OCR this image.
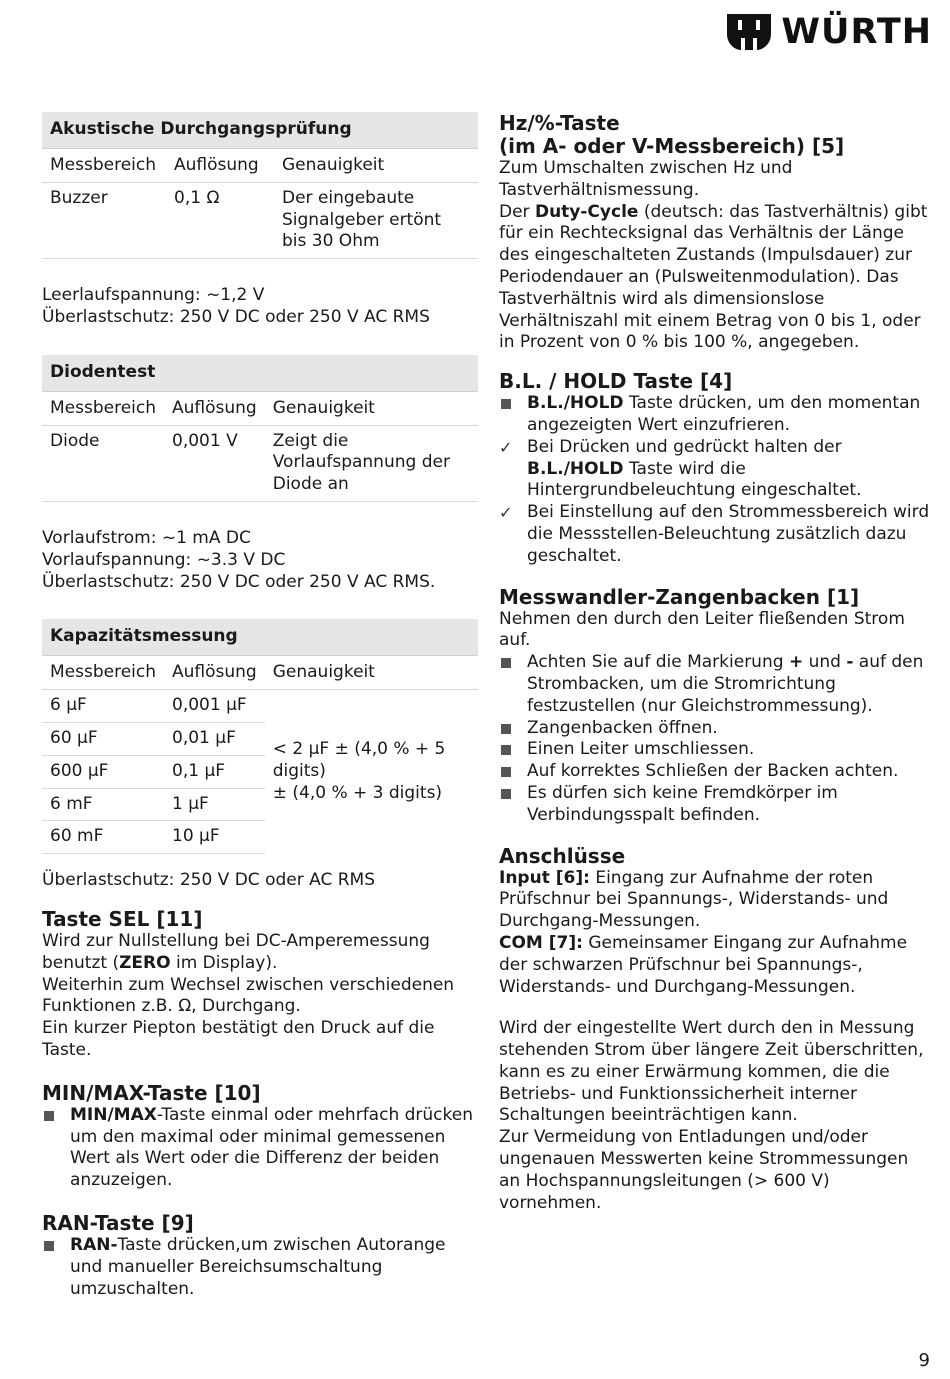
WÜRTH
Akustische Durchgangsprüfung		
Messbereich	Auflösung	Genauigkeit
Buzzer	0,1 Ω	Der eingebaute Signalgeber ertönt bis 30 Ohm

Leerlaufspannung: ~1,2 V

Überlastschutz: 250 V DC oder 250 V AC RMS

Diodentest		
Messbereich	Auflösung	Genauigkeit
Diode	0,001 V	Zeigt die Vorlaufspannung der Diode an

Vorlaufstrom: ~1 mA DC

Vorlaufspannung: ~3.3 V DC

Überlastschutz: 250 V DC oder 250 V AC RMS.

Kapazitätsmessung		
Messbereich	Auflösung	Genauigkeit
6 µF	0,001 µF	< 2 µF ± (4,0 % + 5 digits)
± (4,0 % + 3 digits)

60 µF	0,01 µF	
600 µF	0,1 µF	
6 mF	1 µF	
60 mF	10 µF	

Überlastschutz: 250 V DC oder AC RMS

Taste SEL [11]

Wird zur Nullstellung bei DC-Amperemessung benutzt (ZERO im Display).

Weiterhin zum Wechsel zwischen verschiedenen Funktionen z.B. Ω, Durchgang.

Ein kurzer Piepton bestätigt den Druck auf die Taste.

MIN/MAX-Taste [10]
MIN/MAX-Taste einmal oder mehrfach drücken um den maximal oder minimal gemessenen Wert als Wert oder die Differenz der beiden anzuzeigen.
RAN-Taste [9]
RAN-Taste drücken,um zwischen Autorange und manueller Bereichsumschaltung umzuschalten.
Hz/%-Taste
(im A- oder V-Messbereich) [5]

Zum Umschalten zwischen Hz und Tastverhältnismessung.

Der Duty-Cycle (deutsch: das Tastverhältnis) gibt für ein Rechtecksignal das Verhältnis der Länge des eingeschalteten Zustands (Impulsdauer) zur Periodendauer an (Pulsweitenmodulation). Das Tastverhältnis wird als dimensionslose Verhältniszahl mit einem Betrag von 0 bis 1, oder in Prozent von 0 % bis 100 %, angegeben.

B.L. / HOLD Taste [4]
B.L./HOLD Taste drücken, um den momentan angezeigten Wert einzufrieren.
✓ Bei Drücken und gedrückt halten der B.L./HOLD Taste wird die Hintergrundbeleuchtung eingeschaltet.
✓ Bei Einstellung auf den Strommessbereich wird die Messstellen-Beleuchtung zusätzlich dazu geschaltet.
Messwandler-Zangenbacken [1]

Nehmen den durch den Leiter fließenden Strom auf.

Achten Sie auf die Markierung + und - auf den Strombacken, um die Stromrichtung festzustellen (nur Gleichstrommessung).
Zangenbacken öffnen.
Einen Leiter umschliessen.
Auf korrektes Schließen der Backen achten.
Es dürfen sich keine Fremdkörper im Verbindungsspalt befinden.
Anschlüsse

Input [6]: Eingang zur Aufnahme der roten Prüfschnur bei Spannungs-, Widerstands- und Durchgang-Messungen.

COM [7]: Gemeinsamer Eingang zur Aufnahme der schwarzen Prüfschnur bei Spannungs-, Widerstands- und Durchgang-Messungen.

Wird der eingestellte Wert durch den in Messung stehenden Strom über längere Zeit überschritten, kann es zu einer Erwärmung kommen, die die Betriebs- und Funktionssicherheit interner Schaltungen beeinträchtigen kann.

Zur Vermeidung von Entladungen und/oder ungenauen Messwerten keine Strommessungen an Hochspannungsleitungen (> 600 V) vornehmen.

9
